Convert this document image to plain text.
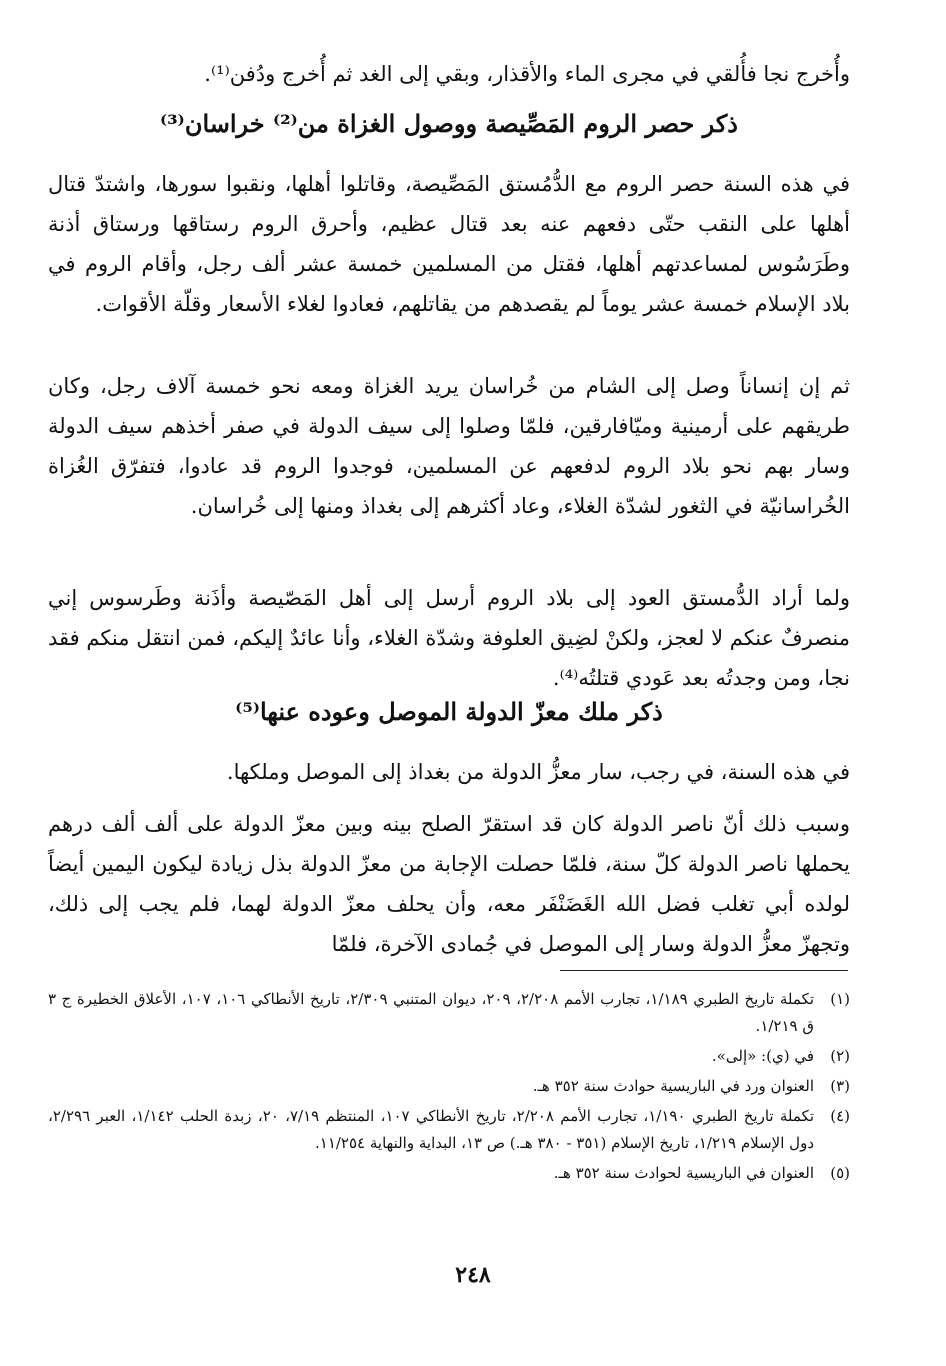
وأُخرج نجا فأُلقي في مجرى الماء والأقذار، وبقي إلى الغد ثم أُخرج ودُفن⁽¹⁾.

ذكر حصر الروم المَصِّيصة ووصول الغزاة من⁽²⁾ خراسان⁽³⁾

في هذه السنة حصر الروم مع الدُّمُستق المَصِّيصة، وقاتلوا أهلها، ونقبوا سورها، واشتدّ قتال أهلها على النقب حتّى دفعهم عنه بعد قتال عظيم، وأحرق الروم رستاقها ورستاق أذنة وطَرَسُوس لمساعدتهم أهلها، فقتل من المسلمين خمسة عشر ألف رجل، وأقام الروم في بلاد الإسلام خمسة عشر يوماً لم يقصدهم من يقاتلهم، فعادوا لغلاء الأسعار وقلّة الأقوات.

ثم إن إنساناً وصل إلى الشام من خُراسان يريد الغزاة ومعه نحو خمسة آلاف رجل، وكان طريقهم على أرمينية وميّافارقين، فلمّا وصلوا إلى سيف الدولة في صفر أخذهم سيف الدولة وسار بهم نحو بلاد الروم لدفعهم عن المسلمين، فوجدوا الروم قد عادوا، فتفرّق الغُزاة الخُراسانيّة في الثغور لشدّة الغلاء، وعاد أكثرهم إلى بغداذ ومنها إلى خُراسان.

ولما أراد الدُّمستق العود إلى بلاد الروم أرسل إلى أهل المَصّيصة وأذَنة وطَرسوس إني منصرفٌ عنكم لا لعجز، ولكنْ لضِيق العلوفة وشدّة الغلاء، وأنا عائدٌ إليكم، فمن انتقل منكم فقد نجا، ومن وجدتُه بعد عَودي قتلتُه⁽⁴⁾.

ذكر ملك معزّ الدولة الموصل وعوده عنها⁽⁵⁾

في هذه السنة، في رجب، سار معزُّ الدولة من بغداذ إلى الموصل وملكها.

وسبب ذلك أنّ ناصر الدولة كان قد استقرّ الصلح بينه وبين معزّ الدولة على ألف ألف درهم يحملها ناصر الدولة كلّ سنة، فلمّا حصلت الإجابة من معزّ الدولة بذل زيادة ليكون اليمين أيضاً لولده أبي تغلب فضل الله الغَضَنْفَر معه، وأن يحلف معزّ الدولة لهما، فلم يجب إلى ذلك، وتجهزّ معزُّ الدولة وسار إلى الموصل في جُمادى الآخرة، فلمّا

(١)
تكملة تاريخ الطبري ١/١٨٩، تجارب الأمم ٢/٢٠٨، ٢٠٩، ديوان المتنبي ٢/٣٠٩، تاريخ الأنطاكي ١٠٦، ١٠٧، الأعلاق الخطيرة ج ٣ ق ١/٢١٩.
(٢)
في (ي): «إلى».
(٣)
العنوان ورد في الباريسية حوادث سنة ٣٥٢ هـ.
(٤)
تكملة تاريخ الطبري ١/١٩٠، تجارب الأمم ٢/٢٠٨، تاريخ الأنطاكي ١٠٧، المنتظم ٧/١٩، ٢٠، زبدة الحلب ١/١٤٢، العبر ٢/٢٩٦، دول الإسلام ١/٢١٩، تاريخ الإسلام (٣٥١ - ٣٨٠ هـ.) ص ١٣، البداية والنهاية ١١/٢٥٤.
(٥)
العنوان في الباريسية لحوادث سنة ٣٥٢ هـ.
٢٤٨
